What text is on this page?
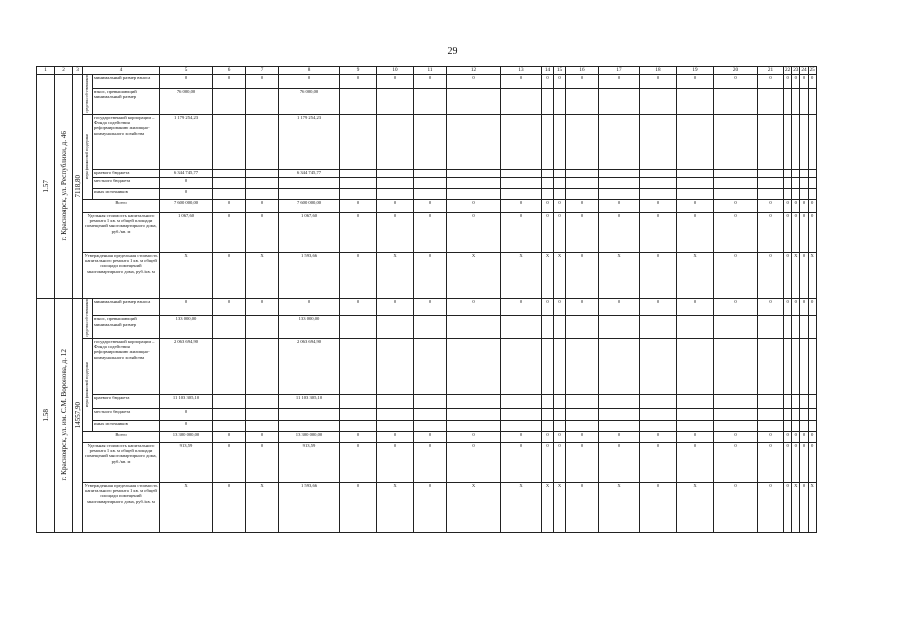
29
1	2	3	4		5	6	7	8	9	10	11	12	13	14	15	16	17	18	19	20	21	22	23	24	25
1.57	г. Красноярск, ул. Республики, д. 46	7118,80	средства соб-ственников	минимальный размер взноса	0	0	0	0	0	0	0	0	0	0	0	0	0	0	0	0	0	0	0	0	0
				взнос, превышающий минимальный размер	76 000,00			76 000,00																	
			меры финансовой поддержки	государственной корпорации – Фонда содействия реформированию жилищно-коммунального хозяйства	1 179 254,23			1 179 254,23																	
				краевого бюджета	6 344 745,77			6 344 745,77																	
				местного бюджета	0																				
				иных источников	0																				
			Всего		7 600 000,00	0	0	7 600 000,00	0	0	0	0	0	0	0	0	0	0	0	0	0	0	0	0	0
			Удельная стоимость капитального ремонта 1 кв. м общей площади помещений многоквартирного дома, руб./кв. м		1 067,60	0	0	1 067,60	0	0	0	0	0	0	0	0	0	0	0	0	0	0	0	0	0
			Утвержденная предельная стоимость капитального ремонта 1 кв. м общей площади помещений многоквартирного дома, руб./кв. м		X	0	X	1 593,66	0	X	0	X	X	X	X	0	X	0	X	0	0	0	X	0	X
1.58	г. Красноярск, ул. им. С.М. Воронова, д. 12	14557,90	средства соб-ственников	минимальный размер взноса	0	0	0	0	0	0	0	0	0	0	0	0	0	0	0	0	0	0	0	0	0
				взнос, превышающий минимальный размер	133 000,00			133 000,00																	
			меры финансовой поддержки	государственной корпорации – Фонда содействия реформированию жилищно-коммунального хозяйства	2 063 694,90			2 063 694,90																	
				краевого бюджета	11 103 305,10			11 103 305,10																	
				местного бюджета	0																				
				иных источников	0																				
			Всего		13 300 000,00	0	0	13 300 000,00	0	0	0	0	0	0	0	0	0	0	0	0	0	0	0	0	0
			Удельная стоимость капитального ремонта 1 кв. м общей площади помещений многоквартирного дома, руб./кв. м		913,59	0	0	913,59	0	0	0	0	0	0	0	0	0	0	0	0	0	0	0	0	0
			Утвержденная предельная стоимость капитального ремонта 1 кв. м общей площади помещений многоквартирного дома, руб./кв. м		X	0	X	1 593,66	0	X	0	X	X	X	X	0	X	0	X	0	0	0	X	0	X
